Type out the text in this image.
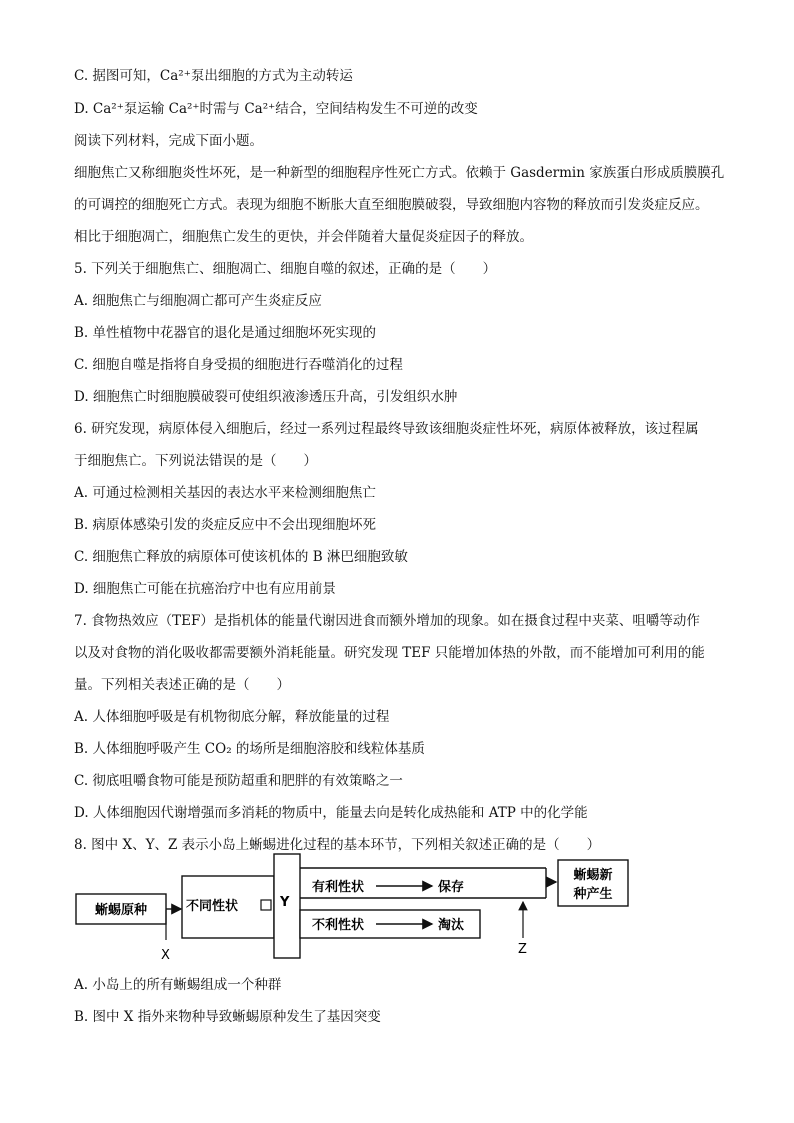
C. 据图可知，Ca²⁺泵出细胞的方式为主动转运
D. Ca²⁺泵运输 Ca²⁺时需与 Ca²⁺结合，空间结构发生不可逆的改变
阅读下列材料，完成下面小题。
细胞焦亡又称细胞炎性坏死，是一种新型的细胞程序性死亡方式。依赖于 Gasdermin 家族蛋白形成质膜膜孔
的可调控的细胞死亡方式。表现为细胞不断胀大直至细胞膜破裂，导致细胞内容物的释放而引发炎症反应。
相比于细胞凋亡，细胞焦亡发生的更快，并会伴随着大量促炎症因子的释放。
5. 下列关于细胞焦亡、细胞凋亡、细胞自噬的叙述，正确的是（　　）
A. 细胞焦亡与细胞凋亡都可产生炎症反应
B. 单性植物中花器官的退化是通过细胞坏死实现的
C. 细胞自噬是指将自身受损的细胞进行吞噬消化的过程
D. 细胞焦亡时细胞膜破裂可使组织液渗透压升高，引发组织水肿
6. 研究发现，病原体侵入细胞后，经过一系列过程最终导致该细胞炎症性坏死，病原体被释放，该过程属
于细胞焦亡。下列说法错误的是（　　）
A. 可通过检测相关基因的表达水平来检测细胞焦亡
B. 病原体感染引发的炎症反应中不会出现细胞坏死
C. 细胞焦亡释放的病原体可使该机体的 B 淋巴细胞致敏
D. 细胞焦亡可能在抗癌治疗中也有应用前景
7. 食物热效应（TEF）是指机体的能量代谢因进食而额外增加的现象。如在摄食过程中夹菜、咀嚼等动作
以及对食物的消化吸收都需要额外消耗能量。研究发现 TEF 只能增加体热的外散，而不能增加可利用的能
量。下列相关表述正确的是（　　）
A. 人体细胞呼吸是有机物彻底分解，释放能量的过程
B. 人体细胞呼吸产生 CO₂ 的场所是细胞溶胶和线粒体基质
C. 彻底咀嚼食物可能是预防超重和肥胖的有效策略之一
D. 人体细胞因代谢增强而多消耗的物质中，能量去向是转化成热能和 ATP 中的化学能
8. 图中 X、Y、Z 表示小岛上蜥蜴进化过程的基本环节，下列相关叙述正确的是（　　）
蜥蜴原种	不同性状	Y
有利性状	保存
不利性状	淘汰
蜥蜴新
种产生
X	Z
A. 小岛上的所有蜥蜴组成一个种群
B. 图中 X 指外来物种导致蜥蜴原种发生了基因突变
